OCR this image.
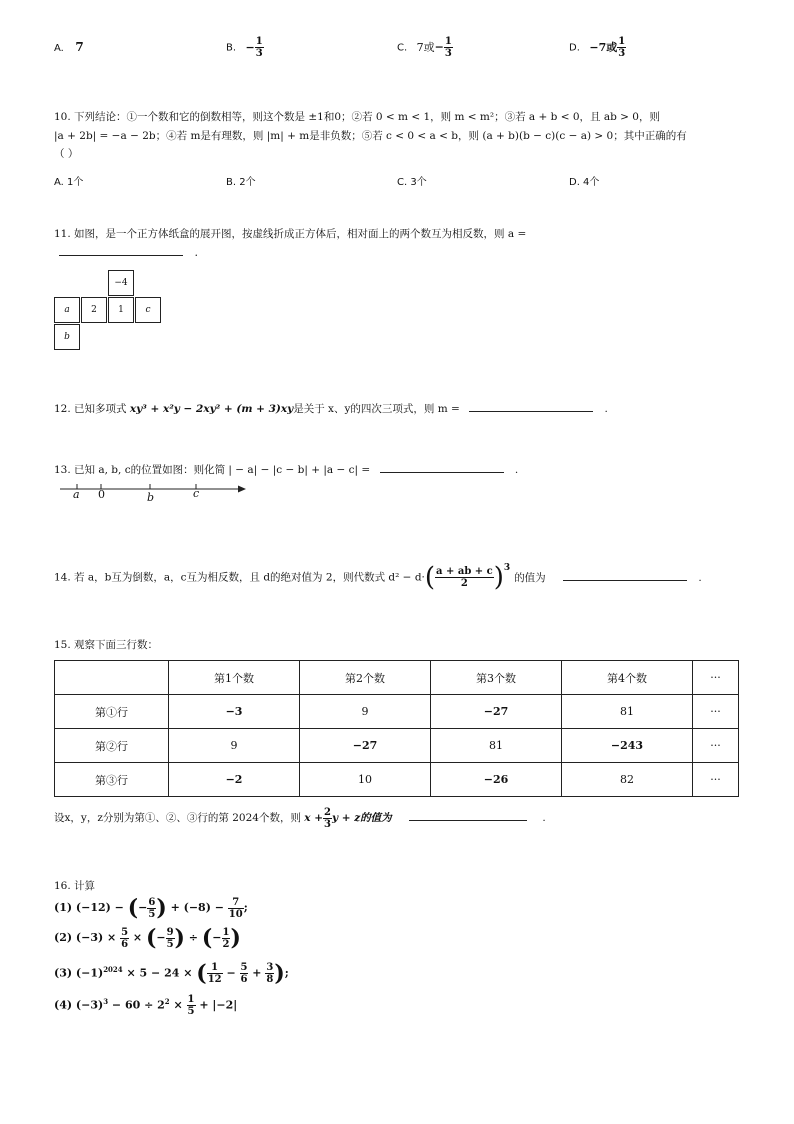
A. 7	B. − $\frac{1}{3}$	C. 7或− $\frac{1}{3}$	D. −7或 $\frac{1}{3}$
10. 下列结论：①一个数和它的倒数相等，则这个数是 ±1和0；②若 0 < m < 1，则 m < m²；③若 a + b < 0，且 ab > 0，则
|a + 2b| = −a − 2b；④若 m是有理数，则 |m| + m是非负数；⑤若 c < 0 < a < b，则 (a + b)(b − c)(c − a) > 0；其中正确的有
（ ）
A. 1个	B. 2个	C. 3个	D. 4个
11. 如图，是一个正方体纸盒的展开图，按虚线折成正方体后，相对面上的两个数互为相反数，则 a =
.
−4
a	2	1	c
b
12. 已知多项式 xy³ + x²y − 2xy² + (m + 3)xy是关于 x、y的四次三项式，则 m =	.
13. 已知 a, b, c的位置如图：则化简 | − a| − |c − b| + |a − c| =	.
a 0	b	c
14. 若 a，b互为倒数，a，c互为相反数，且 d的绝对值为 2，则代数式 $d^2 - d\cdot( \frac{a + ab + c}{2} )^3$的值为	.
15. 观察下面三行数：
	第1个数	第2个数	第3个数	第4个数	···
第①行	−3	9	−27	81	···
第②行	9	−27	81	−243	···
第③行	−2	10	−26	82	···
设x，y，z分别为第①、②、③行的第 2024个数，则 $x + \frac{2}{3}$ y + z的值为	.
16. 计算
(1) (−12) − (− $\frac{6}{5}$ ) + $(-8) - \frac{7}{10}$ ;
(2) $(-3) \times \frac{5}{6}$ × (− $\frac{9}{5}$ ) ÷ (− $\frac{1}{2}$ )
(3) $(-1)^{2024} \times 5 - 24$ × ( $\frac{1}{12} - \frac{5}{6} + \frac{3}{8}$ );
(4) $(-3)^3 - 60 \div 2^2 \times \frac{1}{5} + |-2|$
